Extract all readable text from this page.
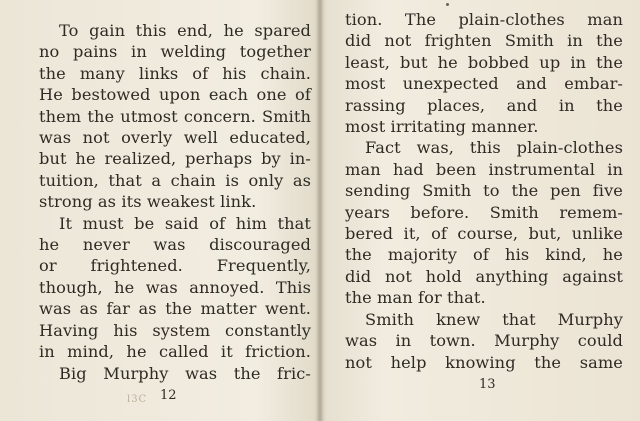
To gain this end, he spared
no pains in welding together
the many links of his chain.
He bestowed upon each one of
them the utmost concern. Smith
was not overly well educated,
but he realized, perhaps by in-
tuition, that a chain is only as
strong as its weakest link.
It must be said of him that
he never was discouraged
or frightened. Frequently,
though, he was annoyed. This
was as far as the matter went.
Having his system constantly
in mind, he called it friction.
Big Murphy was the fric-
12
l3C
tion. The plain-clothes man
did not frighten Smith in the
least, but he bobbed up in the
most unexpected and embar-
rassing places, and in the
most irritating manner.
Fact was, this plain-clothes
man had been instrumental in
sending Smith to the pen five
years before. Smith remem-
bered it, of course, but, unlike
the majority of his kind, he
did not hold anything against
the man for that.
Smith knew that Murphy
was in town. Murphy could
not help knowing the same
13
